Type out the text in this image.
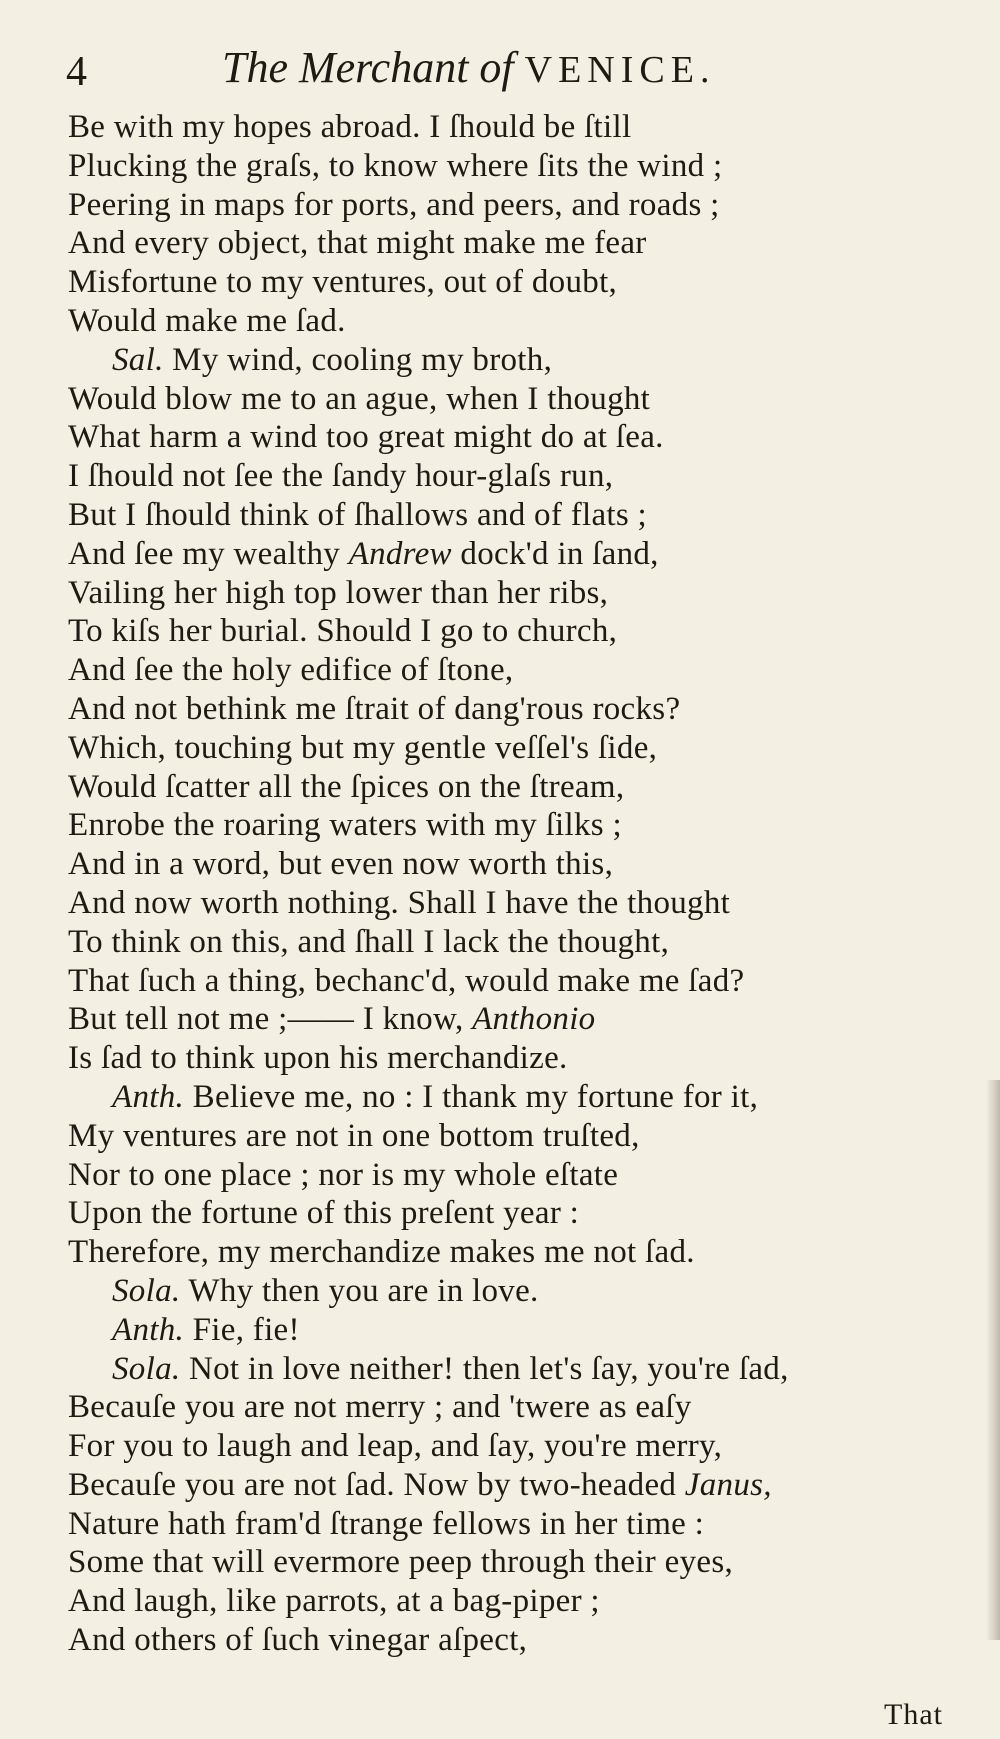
4	The Merchant of VENICE.
Be with my hopes abroad. I ſhould be ſtill
Plucking the graſs, to know where ſits the wind ;
Peering in maps for ports, and peers, and roads ;
And every object, that might make me fear
Misfortune to my ventures, out of doubt,
Would make me ſad.
Sal. My wind, cooling my broth,
Would blow me to an ague, when I thought
What harm a wind too great might do at ſea.
I ſhould not ſee the ſandy hour-glaſs run,
But I ſhould think of ſhallows and of flats ;
And ſee my wealthy Andrew dock'd in ſand,
Vailing her high top lower than her ribs,
To kiſs her burial. Should I go to church,
And ſee the holy edifice of ſtone,
And not bethink me ſtrait of dang'rous rocks?
Which, touching but my gentle veſſel's ſide,
Would ſcatter all the ſpices on the ſtream,
Enrobe the roaring waters with my ſilks ;
And in a word, but even now worth this,
And now worth nothing. Shall I have the thought
To think on this, and ſhall I lack the thought,
That ſuch a thing, bechanc'd, would make me ſad?
But tell not me ;—— I know, Anthonio
Is ſad to think upon his merchandize.
Anth. Believe me, no : I thank my fortune for it,
My ventures are not in one bottom truſted,
Nor to one place ; nor is my whole eſtate
Upon the fortune of this preſent year :
Therefore, my merchandize makes me not ſad.
Sola. Why then you are in love.
Anth. Fie, fie!
Sola. Not in love neither! then let's ſay, you're ſad,
Becauſe you are not merry ; and 'twere as eaſy
For you to laugh and leap, and ſay, you're merry,
Becauſe you are not ſad. Now by two-headed Janus,
Nature hath fram'd ſtrange fellows in her time :
Some that will evermore peep through their eyes,
And laugh, like parrots, at a bag-piper ;
And others of ſuch vinegar aſpect,
That
